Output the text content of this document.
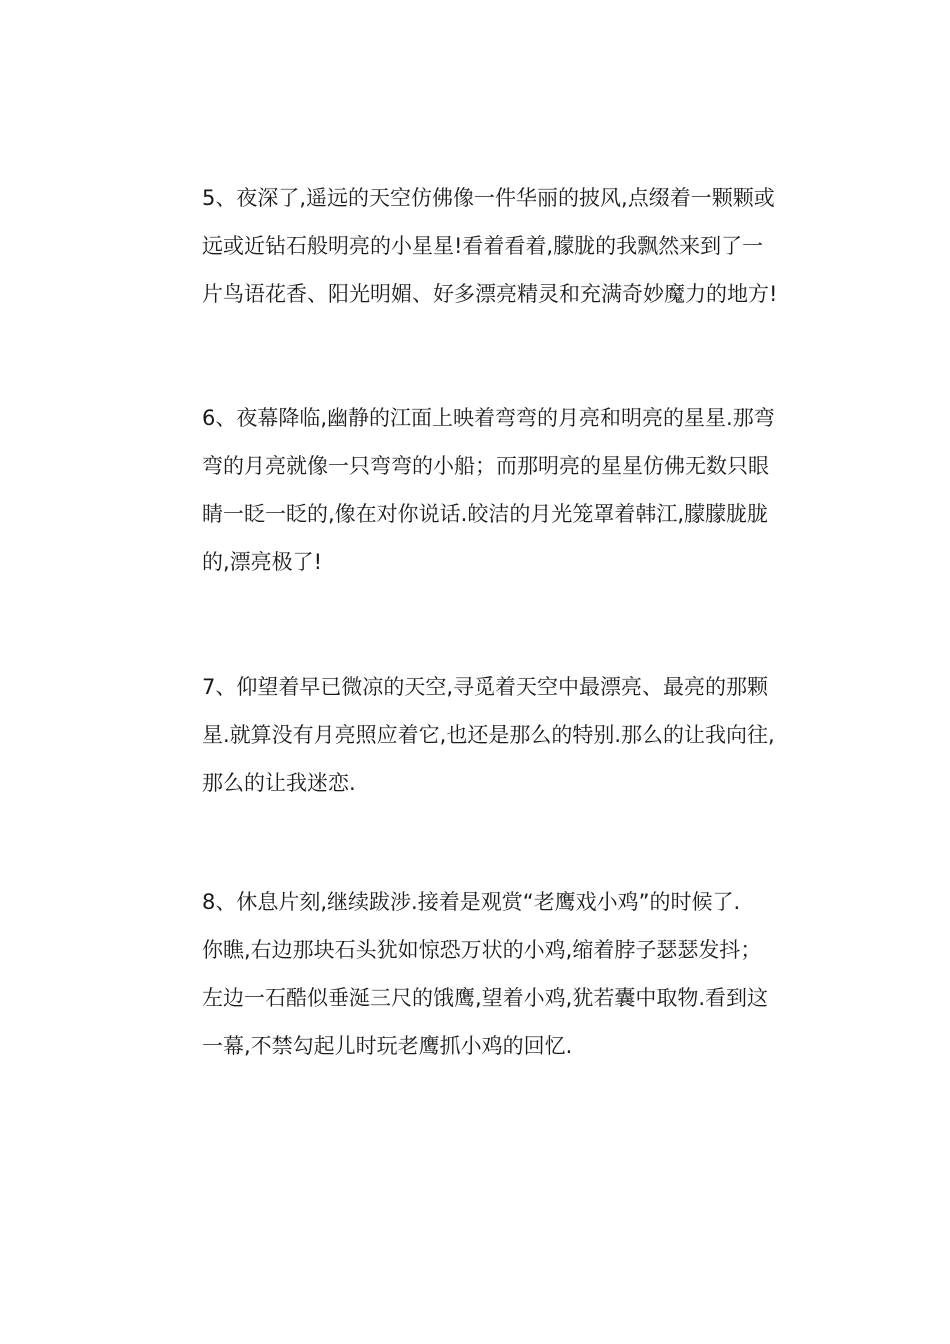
5、夜深了,遥远的天空仿佛像一件华丽的披风,点缀着一颗颗或
远或近钻石般明亮的小星星!看着看着,朦胧的我飘然来到了一
片鸟语花香、阳光明媚、好多漂亮精灵和充满奇妙魔力的地方!
6、夜幕降临,幽静的江面上映着弯弯的月亮和明亮的星星.那弯
弯的月亮就像一只弯弯的小船；而那明亮的星星仿佛无数只眼
睛一眨一眨的,像在对你说话.皎洁的月光笼罩着韩江,朦朦胧胧
的,漂亮极了!
7、仰望着早已微凉的天空,寻觅着天空中最漂亮、最亮的那颗
星.就算没有月亮照应着它,也还是那么的特别.那么的让我向往,
那么的让我迷恋.
8、休息片刻,继续跋涉.接着是观赏“老鹰戏小鸡”的时候了.
你瞧,右边那块石头犹如惊恐万状的小鸡,缩着脖子瑟瑟发抖；
左边一石酷似垂涎三尺的饿鹰,望着小鸡,犹若囊中取物.看到这
一幕,不禁勾起儿时玩老鹰抓小鸡的回忆.
